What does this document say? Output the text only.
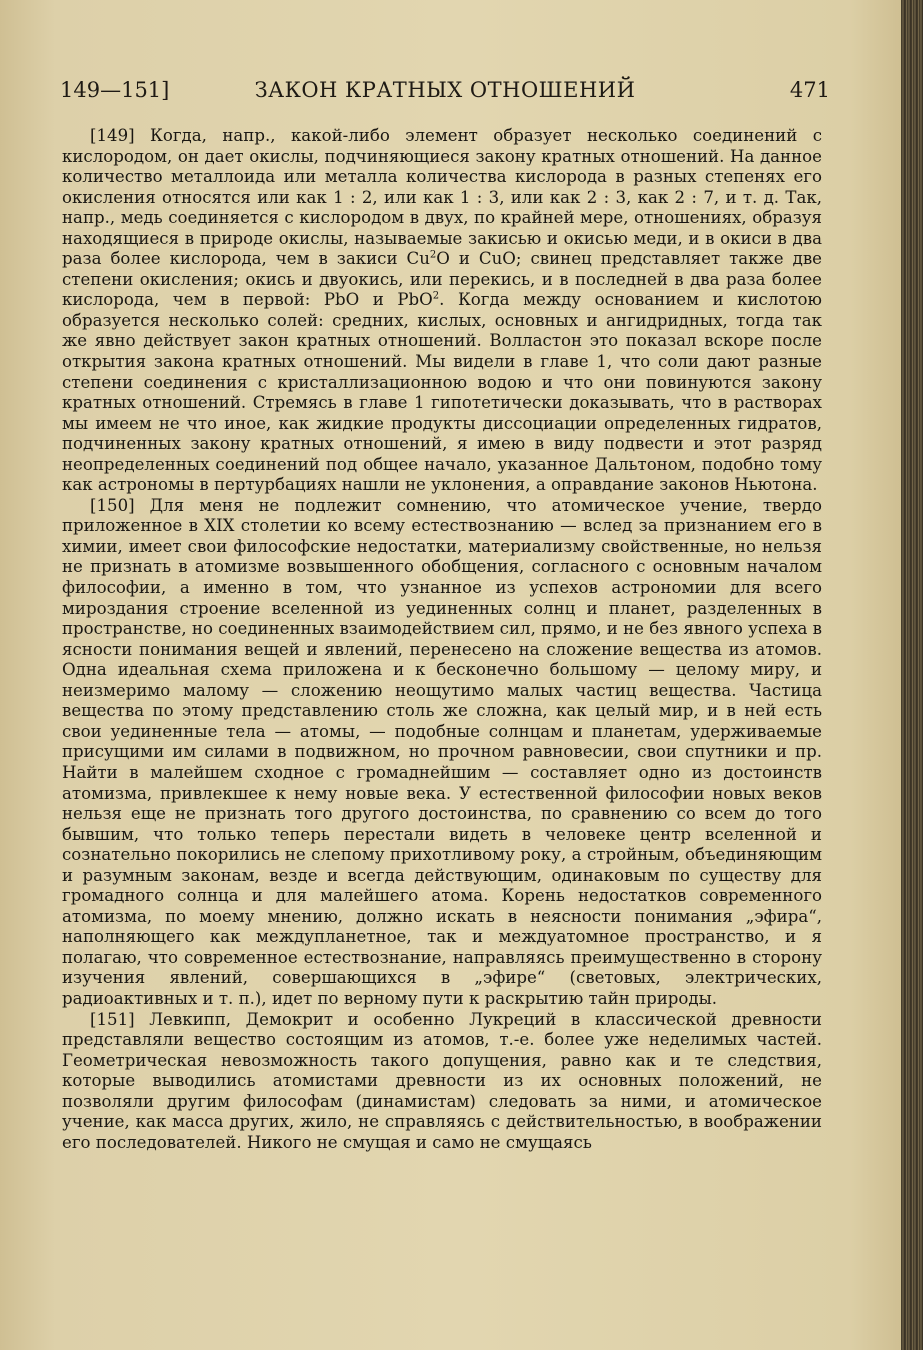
149—151]	ЗАКОН КРАТНЫХ ОТНОШЕНИЙ	471

[149] Когда, напр., какой-либо элемент образует несколько соединений с кислородом, он дает окислы, подчиняющиеся закону кратных отношений. На данное количество металлоида или металла количества кислорода в разных степенях его окисления относятся или как 1 : 2, или как 1 : 3, или как 2 : 3, как 2 : 7, и т. д. Так, напр., медь соединяется с кислородом в двух, по крайней мере, отношениях, образуя находящиеся в природе окислы, называемые закисью и окисью меди, и в окиси в два раза более кислорода, чем в закиси Cu$^2$O и CuO; свинец представляет также две степени окисления; окись и двуокись, или перекись, и в последней в два раза более кислорода, чем в первой: PbO и PbO$^2$. Когда между основанием и кислотою образуется несколько солей: средних, кислых, основных и ангидридных, тогда так же явно действует закон кратных отношений. Волластон это показал вскоре после открытия закона кратных отношений. Мы видели в главе 1, что соли дают разные степени соединения с кристаллизационною водою и что они повинуются закону кратных отношений. Стремясь в главе 1 гипотетически доказывать, что в растворах мы имеем не что иное, как жидкие продукты диссоциации определенных гидратов, подчиненных закону кратных отношений, я имею в виду подвести и этот разряд неопределенных соединений под общее начало, указанное Дальтоном, подобно тому как астрономы в пертурбациях нашли не уклонения, а оправдание законов Ньютона.

[150] Для меня не подлежит сомнению, что атомическое учение, твердо приложенное в XIX столетии ко всему естествознанию — вслед за признанием его в химии, имеет свои философские недостатки, материализму свойственные, но нельзя не признать в атомизме возвышенного обобщения, согласного с основным началом философии, а именно в том, что узнанное из успехов астрономии для всего мироздания строение вселенной из уединенных солнц и планет, разделенных в пространстве, но соединенных взаимодействием сил, прямо, и не без явного успеха в ясности понимания вещей и явлений, перенесено на сложение вещества из атомов. Одна идеальная схема приложена и к бесконечно большому — целому миру, и неизмеримо малому — сложению неощутимо малых частиц вещества. Частица вещества по этому представлению столь же сложна, как целый мир, и в ней есть свои уединенные тела — атомы, — подобные солнцам и планетам, удерживаемые присущими им силами в подвижном, но прочном равновесии, свои спутники и пр. Найти в малейшем сходное с громаднейшим — составляет одно из достоинств атомизма, привлекшее к нему новые века. У естественной философии новых веков нельзя еще не признать того другого достоинства, по сравнению со всем до того бывшим, что только теперь перестали видеть в человеке центр вселенной и сознательно покорились не слепому прихотливому року, а стройным, объединяющим и разумным законам, везде и всегда действующим, одинаковым по существу для громадного солнца и для малейшего атома. Корень недостатков современного атомизма, по моему мнению, должно искать в неясности понимания „эфира“, наполняющего как междупланетное, так и междуатомное пространство, и я полагаю, что современное естествознание, направляясь преимущественно в сторону изучения явлений, совершающихся в „эфире“ (световых, электрических, радиоактивных и т. п.), идет по верному пути к раскрытию тайн природы.

[151] Левкипп, Демокрит и особенно Лукреций в классической древности представляли вещество состоящим из атомов, т.-е. более уже неделимых частей. Геометрическая невозможность такого допущения, равно как и те следствия, которые выводились атомистами древности из их основных положений, не позволяли другим философам (динамистам) следовать за ними, и атомическое учение, как масса других, жило, не справляясь с действительностью, в воображении его последователей. Никого не смущая и само не смущаясь
